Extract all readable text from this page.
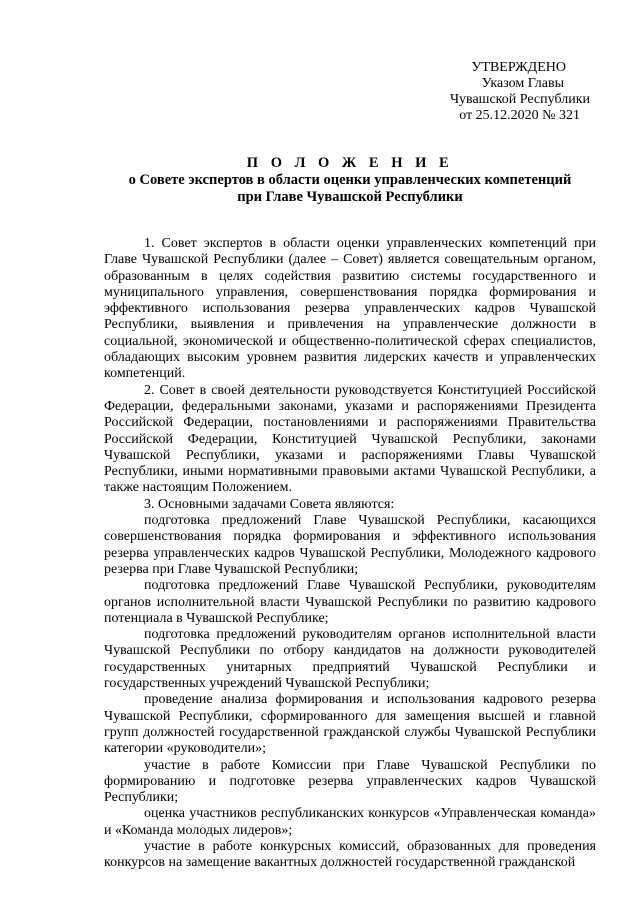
УТВЕРЖДЕНО
Указом Главы
Чувашской Республики
от 25.12.2020 № 321
П О Л О Ж Е Н И Е
о Совете экспертов в области оценки управленческих компетенций
при Главе Чувашской Республики

1. Совет экспертов в области оценки управленческих компетенций при Главе Чувашской Республики (далее – Совет) является совещательным органом, образованным в целях содействия развитию системы государственного и муниципального управления, совершенствования порядка формирования и эффективного использования резерва управленческих кадров Чувашской Республики, выявления и привлечения на управленческие должности в социальной, экономической и общественно-политической сферах специалистов, обладающих высоким уровнем развития лидерских качеств и управленческих компетенций.

2. Совет в своей деятельности руководствуется Конституцией Российской Федерации, федеральными законами, указами и распоряжениями Президента Российской Федерации, постановлениями и распоряжениями Правительства Российской Федерации, Конституцией Чувашской Республики, законами Чувашской Республики, указами и распоряжениями Главы Чувашской Республики, иными нормативными правовыми актами Чувашской Республики, а также настоящим Положением.

3. Основными задачами Совета являются:

подготовка предложений Главе Чувашской Республики, касающихся совершенствования порядка формирования и эффективного использования резерва управленческих кадров Чувашской Республики, Молодежного кадрового резерва при Главе Чувашской Республики;

подготовка предложений Главе Чувашской Республики, руководителям органов исполнительной власти Чувашской Республики по развитию кадрового потенциала в Чувашской Республике;

подготовка предложений руководителям органов исполнительной власти Чувашской Республики по отбору кандидатов на должности руководителей государственных унитарных предприятий Чувашской Республики и государственных учреждений Чувашской Республики;

проведение анализа формирования и использования кадрового резерва Чувашской Республики, сформированного для замещения высшей и главной групп должностей государственной гражданской службы Чувашской Республики категории «руководители»;

участие в работе Комиссии при Главе Чувашской Республики по формированию и подготовке резерва управленческих кадров Чувашской Республики;

оценка участников республиканских конкурсов «Управленческая команда» и «Команда молодых лидеров»;

участие в работе конкурсных комиссий, образованных для проведения конкурсов на замещение вакантных должностей государственной гражданской
